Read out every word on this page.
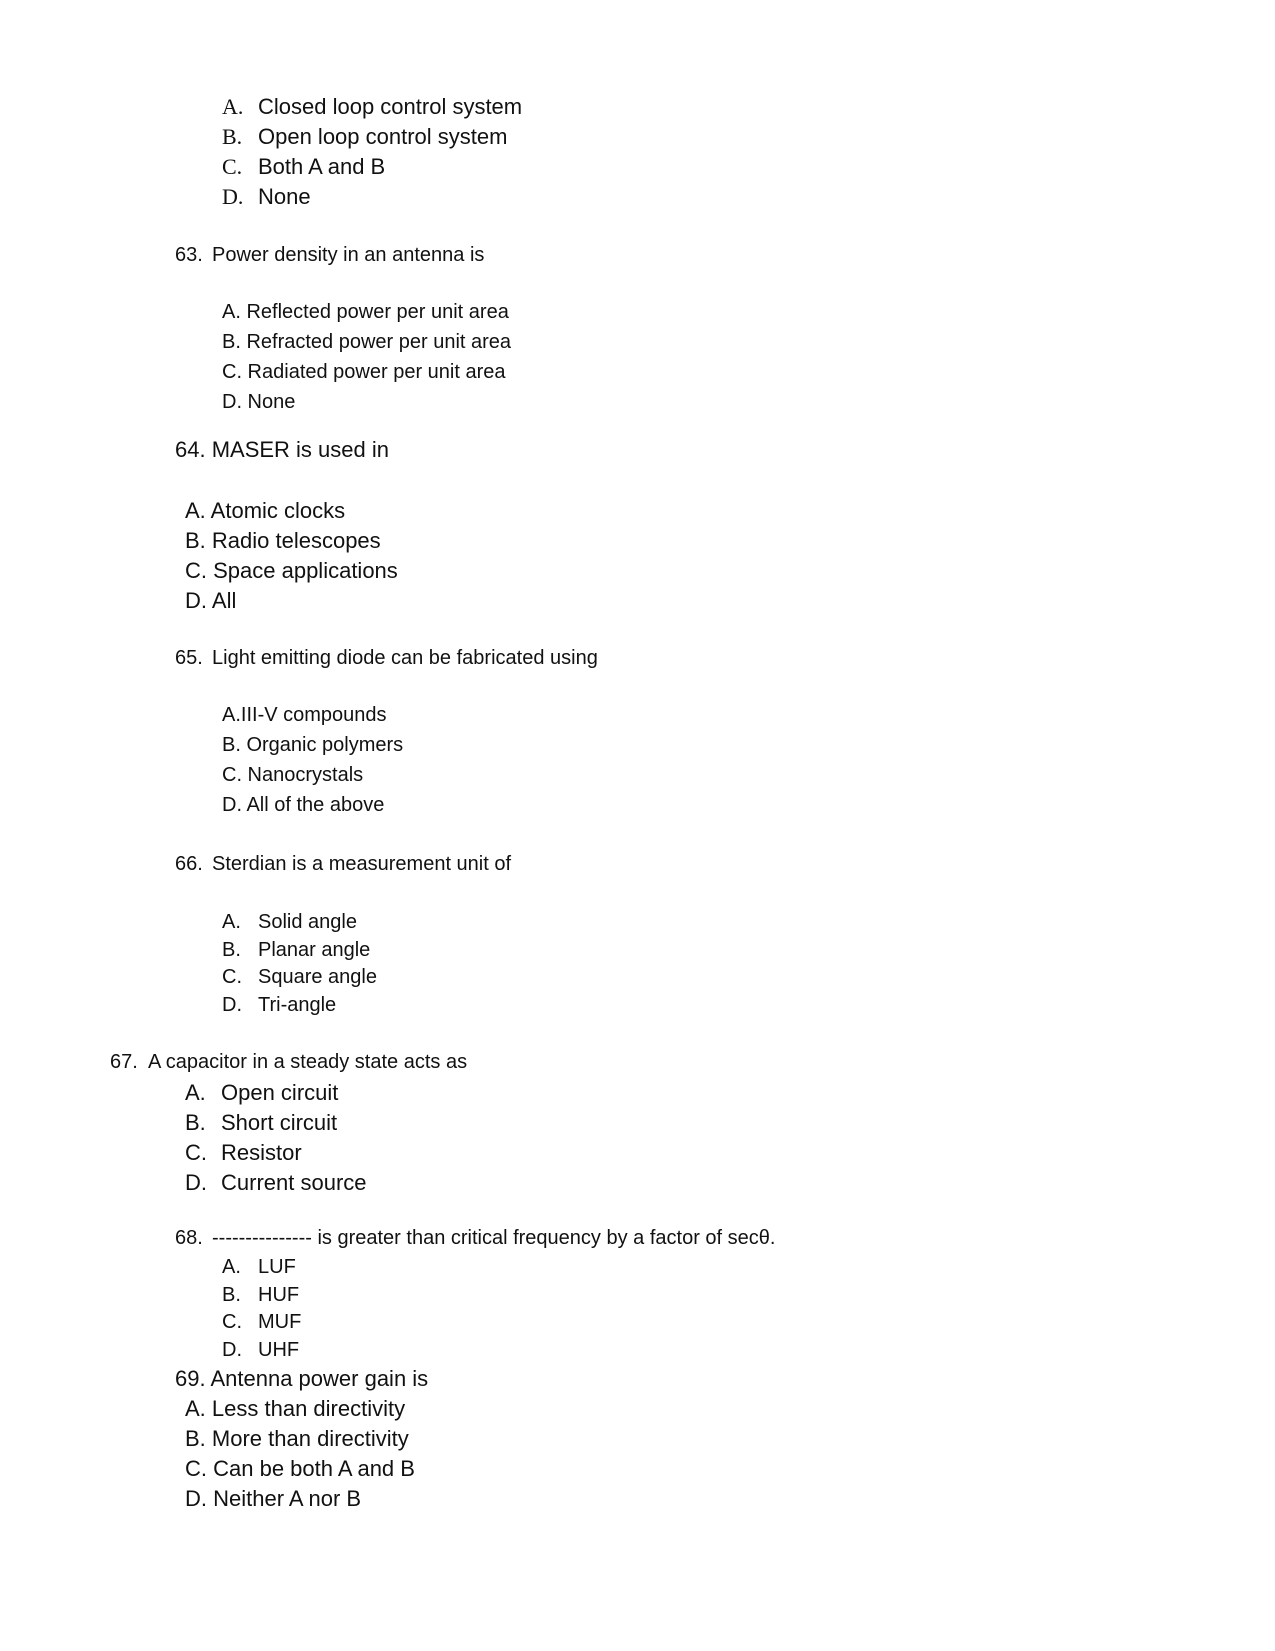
A. Closed loop control system
B. Open loop control system
C. Both A and B
D. None
63. Power density in an antenna is
A. Reflected power per unit area
B. Refracted power per unit area
C. Radiated power per unit area
D. None
64. MASER is used in
A. Atomic clocks
B. Radio telescopes
C. Space applications
D. All
65. Light emitting diode can be fabricated using
A.III-V compounds
B. Organic polymers
C. Nanocrystals
D. All of the above
66. Sterdian is a measurement unit of
A. Solid angle
B. Planar angle
C. Square angle
D. Tri-angle
67. A capacitor in a steady state acts as
A. Open circuit
B. Short circuit
C. Resistor
D. Current source
68. --------------- is greater than critical frequency by a factor of secθ.
A. LUF
B. HUF
C. MUF
D. UHF
69. Antenna power gain is
A. Less than directivity
B. More than directivity
C. Can be both A and B
D. Neither A nor B
